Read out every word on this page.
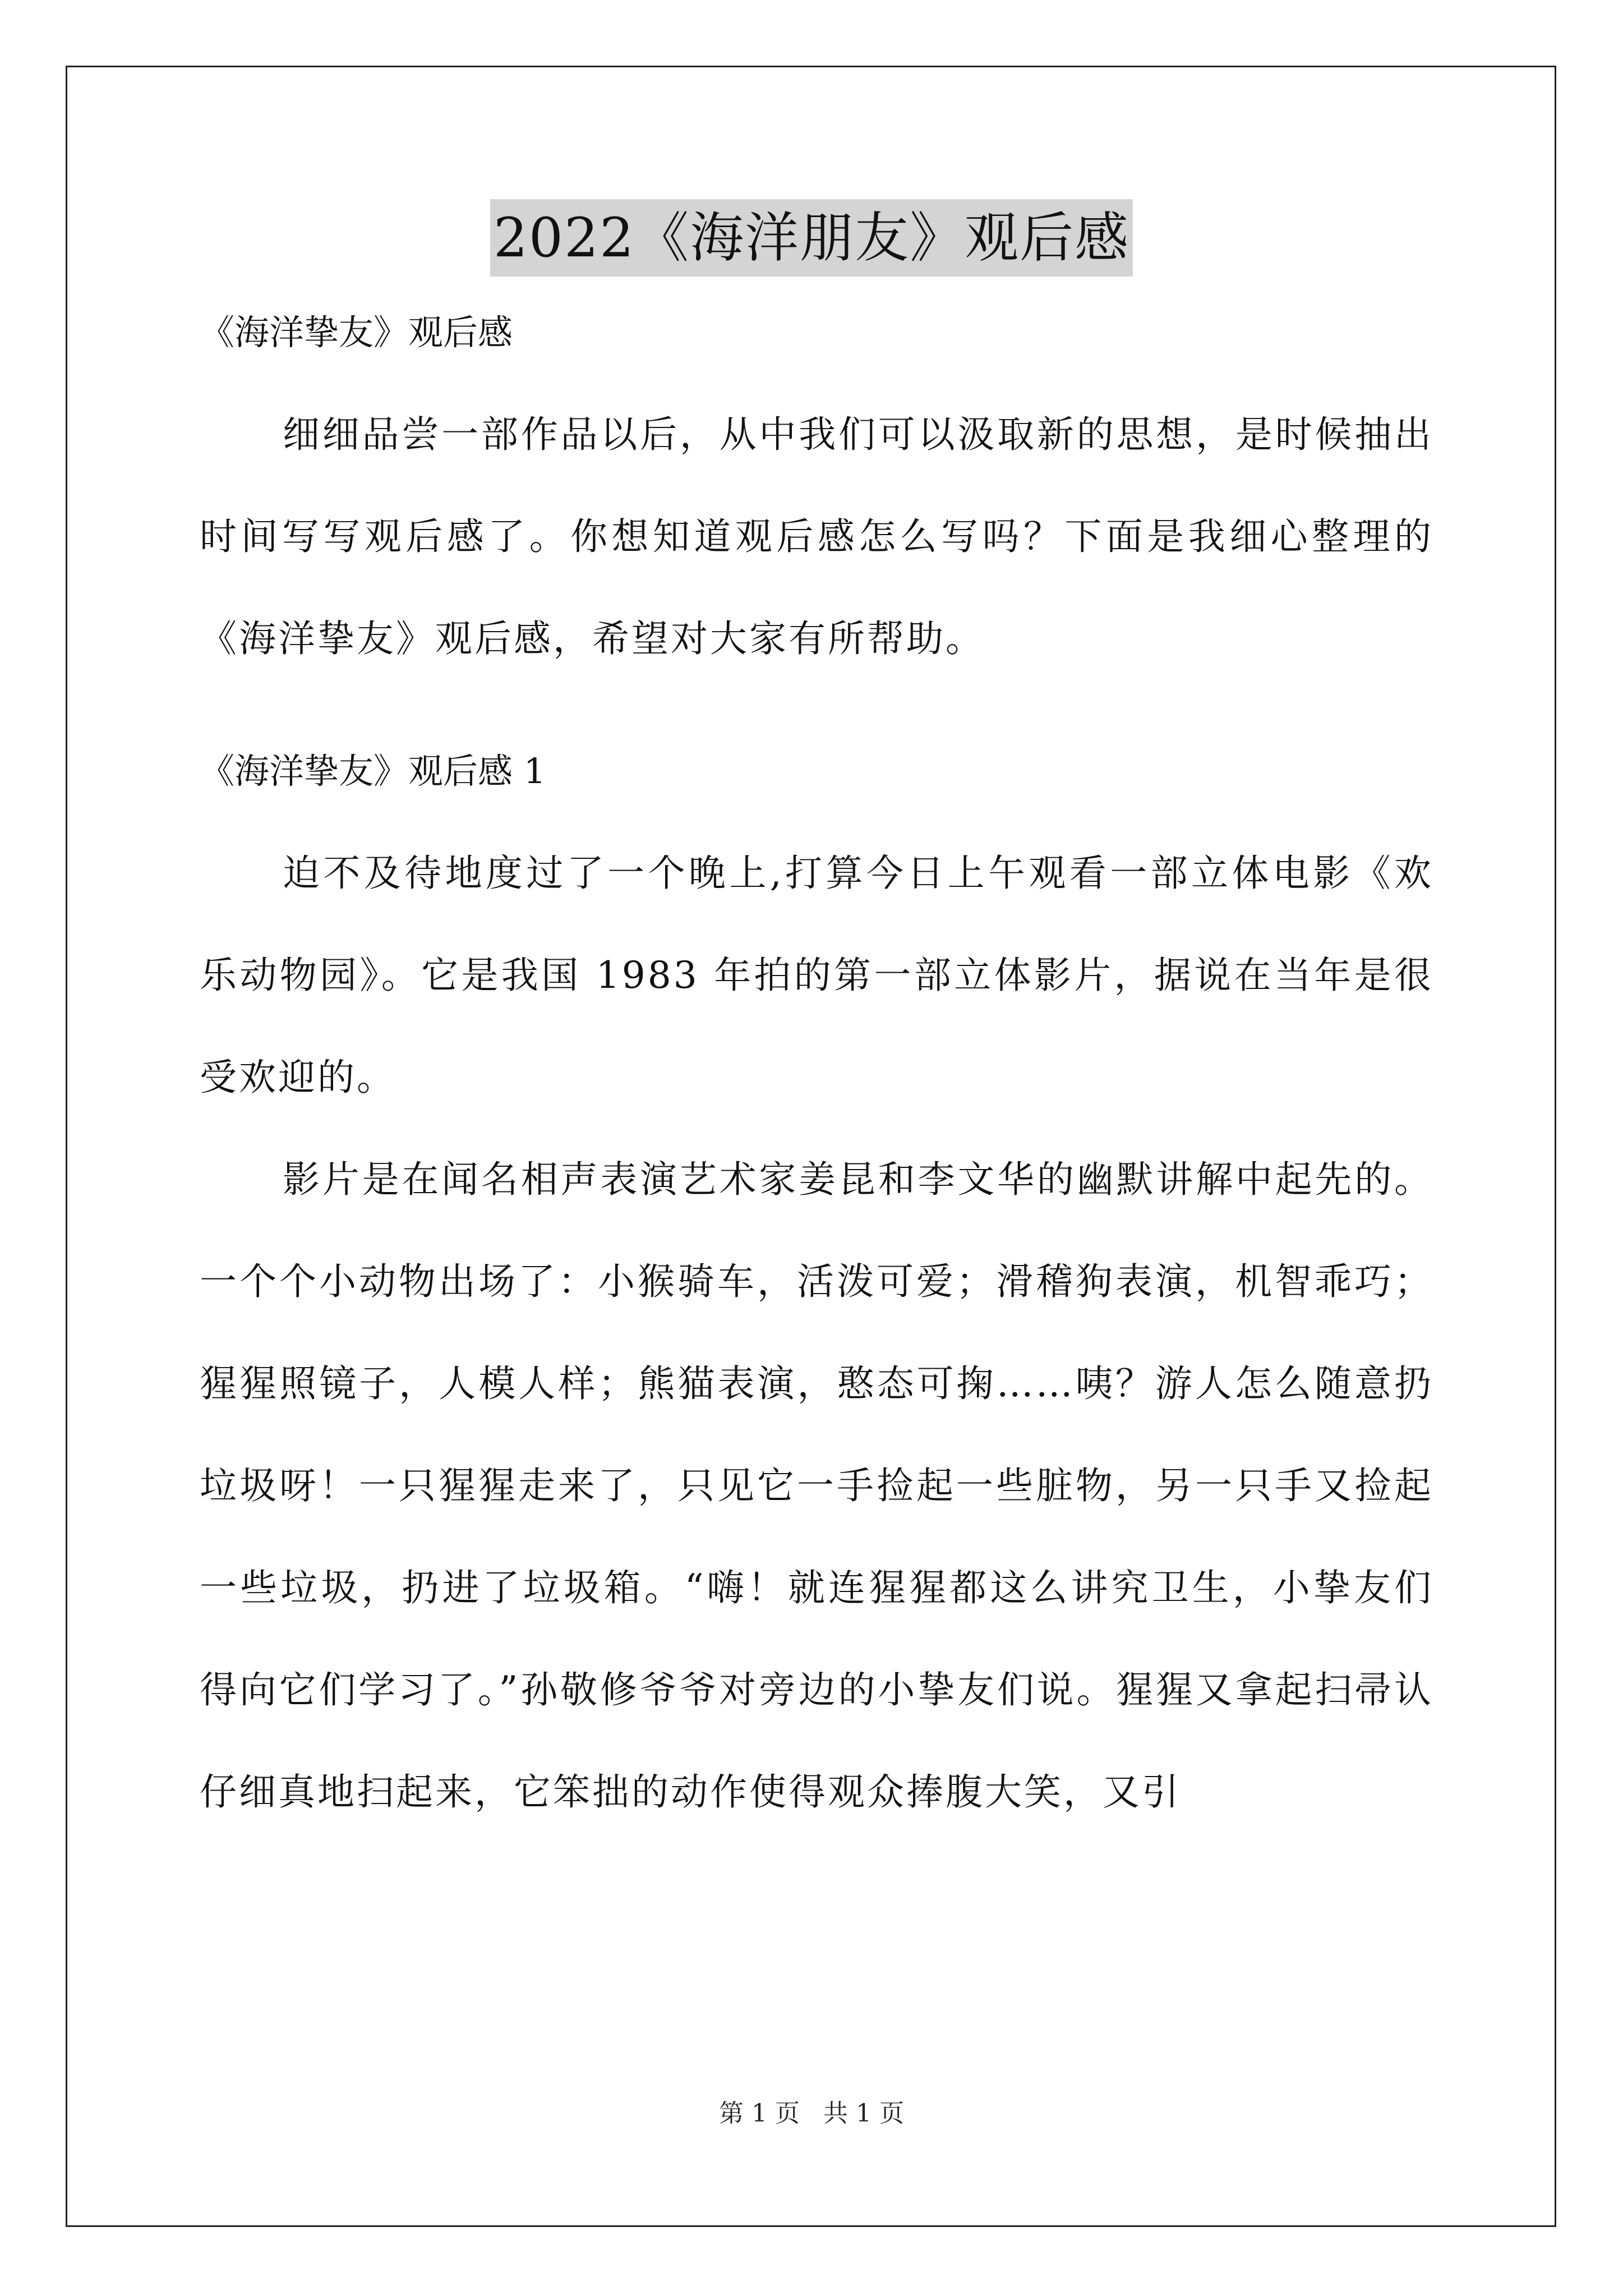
2022《海洋朋友》观后感
《海洋挚友》观后感

细细品尝一部作品以后，从中我们可以汲取新的思想，是时候抽出时间写写观后感了。你想知道观后感怎么写吗？下面是我细心整理的《海洋挚友》观后感，希望对大家有所帮助。

《海洋挚友》观后感 1

迫不及待地度过了一个晚上,打算今日上午观看一部立体电影《欢乐动物园》。它是我国 1983 年拍的第一部立体影片，据说在当年是很受欢迎的。

影片是在闻名相声表演艺术家姜昆和李文华的幽默讲解中起先的。一个个小动物出场了：小猴骑车，活泼可爱；滑稽狗表演，机智乖巧；猩猩照镜子，人模人样；熊猫表演，憨态可掬……咦？游人怎么随意扔垃圾呀！一只猩猩走来了，只见它一手捡起一些脏物，另一只手又捡起一些垃圾，扔进了垃圾箱。“嗨！就连猩猩都这么讲究卫生，小挚友们得向它们学习了。”孙敬修爷爷对旁边的小挚友们说。猩猩又拿起扫帚认仔细真地扫起来，它笨拙的动作使得观众捧腹大笑，又引

第 1 页   共 1 页
